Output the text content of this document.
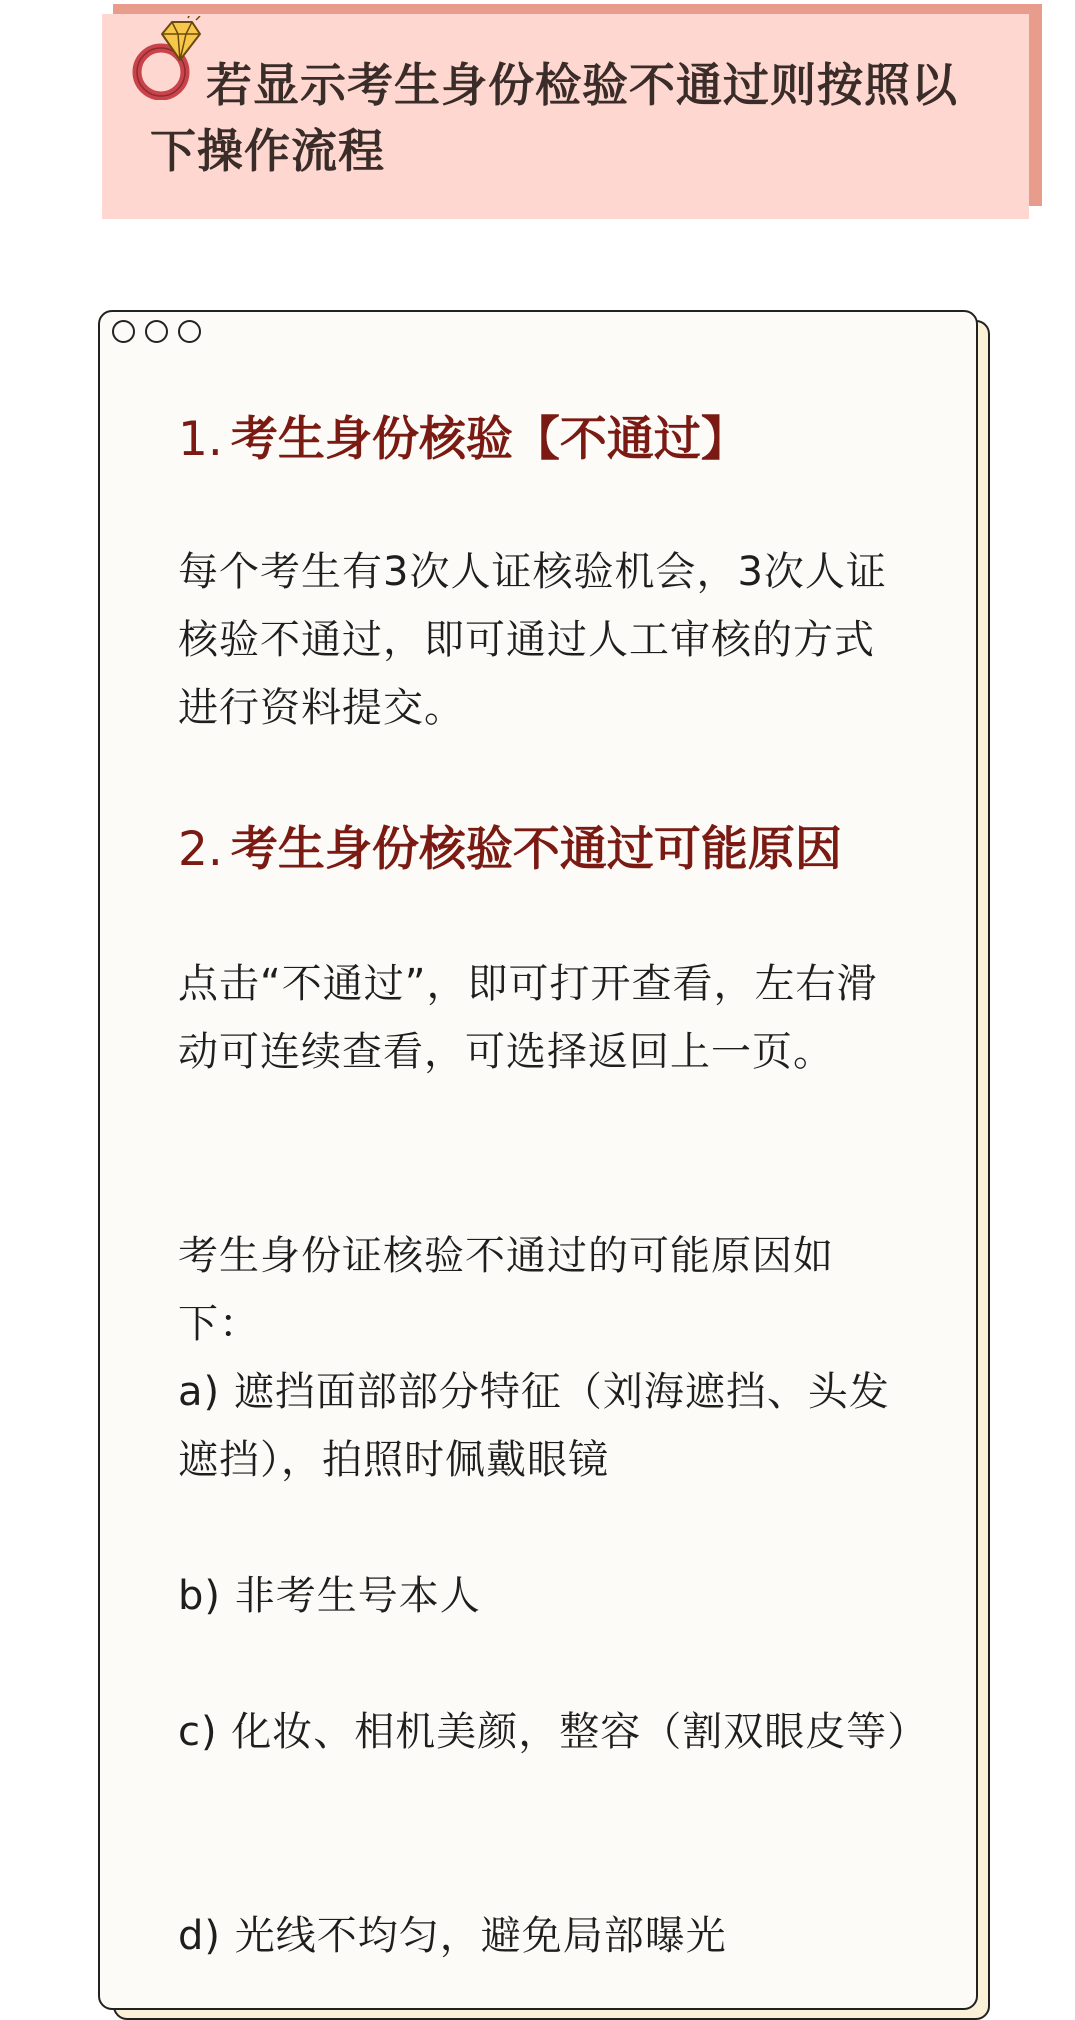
若显示考生身份检验不通过则按照以下操作流程
1. 考生身份核验【不通过】

每个考生有3次人证核验机会，3次人证核验不通过，即可通过人工审核的方式进行资料提交。

2. 考生身份核验不通过可能原因

点击“不通过”，即可打开查看，左右滑动可连续查看，可选择返回上一页。

考生身份证核验不通过的可能原因如下：
a) 遮挡面部部分特征（刘海遮挡、头发遮挡），拍照时佩戴眼镜

b) 非考生号本人

c) 化妆、相机美颜，整容（割双眼皮等）

d) 光线不均匀，避免局部曝光
